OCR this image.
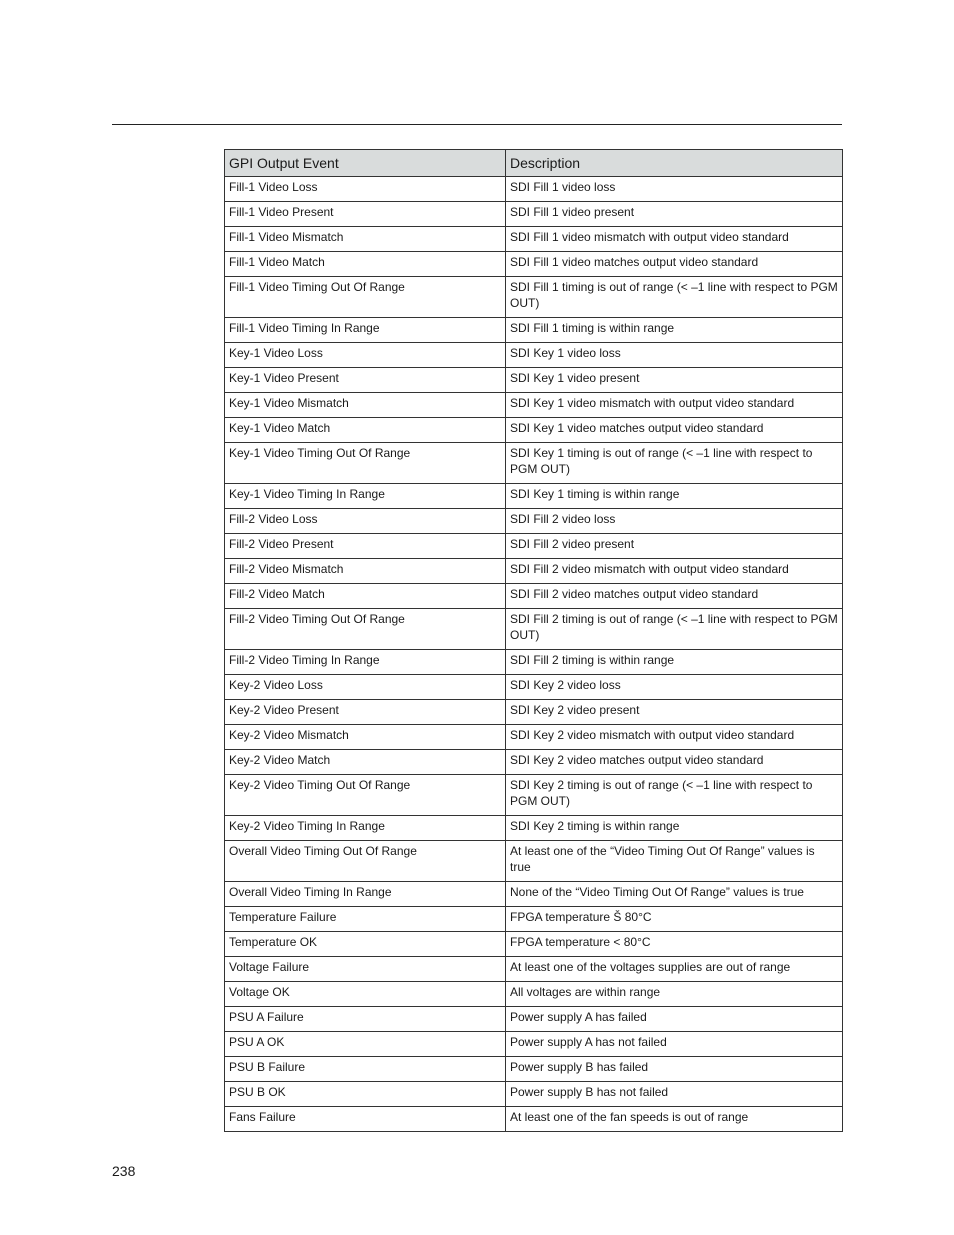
GPI Output Event	Description
Fill-1 Video Loss	SDI Fill 1 video loss
Fill-1 Video Present	SDI Fill 1 video present
Fill-1 Video Mismatch	SDI Fill 1 video mismatch with output video standard
Fill-1 Video Match	SDI Fill 1 video matches output video standard
Fill-1 Video Timing Out Of Range	SDI Fill 1 timing is out of range (< –1 line with respect to PGM OUT)
Fill-1 Video Timing In Range	SDI Fill 1 timing is within range
Key-1 Video Loss	SDI Key 1 video loss
Key-1 Video Present	SDI Key 1 video present
Key-1 Video Mismatch	SDI Key 1 video mismatch with output video standard
Key-1 Video Match	SDI Key 1 video matches output video standard
Key-1 Video Timing Out Of Range	SDI Key 1 timing is out of range (< –1 line with respect to PGM OUT)
Key-1 Video Timing In Range	SDI Key 1 timing is within range
Fill-2 Video Loss	SDI Fill 2 video loss
Fill-2 Video Present	SDI Fill 2 video present
Fill-2 Video Mismatch	SDI Fill 2 video mismatch with output video standard
Fill-2 Video Match	SDI Fill 2 video matches output video standard
Fill-2 Video Timing Out Of Range	SDI Fill 2 timing is out of range (< –1 line with respect to PGM OUT)
Fill-2 Video Timing In Range	SDI Fill 2 timing is within range
Key-2 Video Loss	SDI Key 2 video loss
Key-2 Video Present	SDI Key 2 video present
Key-2 Video Mismatch	SDI Key 2 video mismatch with output video standard
Key-2 Video Match	SDI Key 2 video matches output video standard
Key-2 Video Timing Out Of Range	SDI Key 2 timing is out of range (< –1 line with respect to PGM OUT)
Key-2 Video Timing In Range	SDI Key 2 timing is within range
Overall Video Timing Out Of Range	At least one of the “Video Timing Out Of Range” values is true
Overall Video Timing In Range	None of the “Video Timing Out Of Range” values is true
Temperature Failure	FPGA temperature Š 80°C
Temperature OK	FPGA temperature < 80°C
Voltage Failure	At least one of the voltages supplies are out of range
Voltage OK	All voltages are within range
PSU A Failure	Power supply A has failed
PSU A OK	Power supply A has not failed
PSU B Failure	Power supply B has failed
PSU B OK	Power supply B has not failed
Fans Failure	At least one of the fan speeds is out of range
238
